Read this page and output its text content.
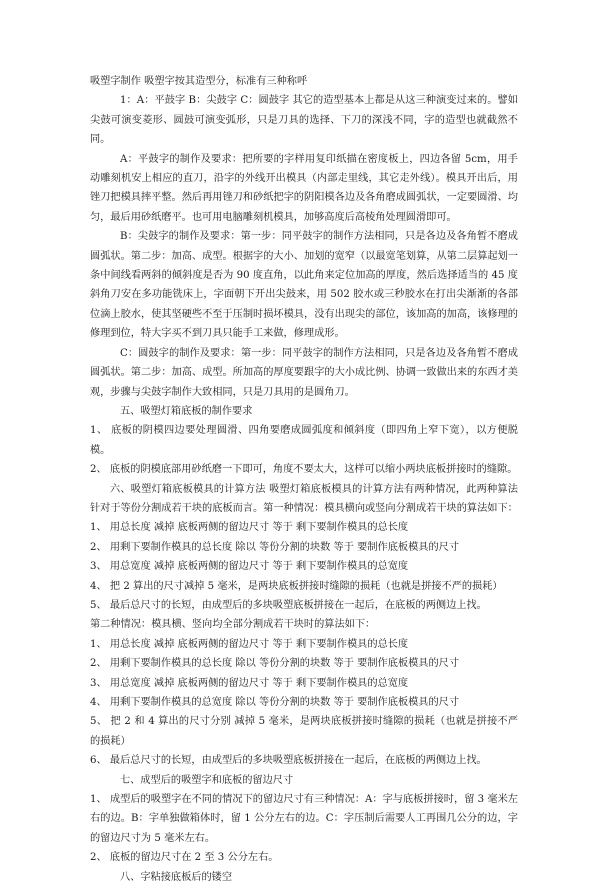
吸塑字制作 吸塑字按其造型分，标准有三种称呼

1：A：平鼓字 B：尖鼓字 C：圆鼓字 其它的造型基本上都是从这三种演变过来的。譬如尖鼓可演变菱形、圆鼓可演变弧形，只是刀具的选择、下刀的深浅不同，字的造型也就截然不同。

A：平鼓字的制作及要求：把所要的字样用复印纸描在密度板上，四边各留 5cm，用手动雕刻机安上相应的直刀，沿字的外线开出模具（内部走里线，其它走外线）。模具开出后，用锉刀把模具摔平整。然后再用锉刀和砂纸把字的阴阳模各边及各角磨成圆弧状，一定要圆滑、均匀，最后用砂纸磨平。也可用电脑雕刻机模具，加够高度后高棱角处理圆滑即可。

B：尖鼓字的制作及要求：第一步：同平鼓字的制作方法相同，只是各边及各角暂不磨成圆弧状。第二步：加高、成型。根据字的大小、加划的宽窄（以最宽笔划算，从第二层算起划一条中间线看两斜的倾斜度是否为 90 度直角，以此角来定位加高的厚度，然后选择适当的 45 度斜角刀安在多功能铣床上，字面朝下开出尖鼓来，用 502 胶水或三秒胶水在打出尖渐渐的各部位滴上胶水，使其坚硬些不至于压制时损坏模具，没有出现尖的部位，该加高的加高，该修理的修理到位，特大字买不到刀具只能手工来做，修理成形。

C：圆鼓字的制作及要求：第一步：同平鼓字的制作方法相同，只是各边及各角暂不磨成圆弧状。第二步：加高、成型。所加高的厚度要跟字的大小成比例、协调一致做出来的东西才美观，步骤与尖鼓字制作大致相同，只是刀具用的是圆角刀。

五、吸塑灯箱底板的制作要求

1、 底板的阴模四边要处理圆滑、四角要磨成圆弧度和倾斜度（即四角上窄下宽），以方便脱模。

2、 底板的阴模底部用砂纸磨一下即可，角度不要太大，这样可以缩小两块底板拼接时的缝隙。

六、吸塑灯箱底板模具的计算方法 吸塑灯箱底板模具的计算方法有两种情况，此两种算法针对于等份分割成若干块的底板而言。第一种情况：模具横向或竖向分割成若干块的算法如下：

1、 用总长度 减掉 底板两侧的留边尺寸 等于 剩下要制作模具的总长度

2、 用剩下要制作模具的总长度 除以 等份分割的块数 等于 要制作底板模具的尺寸

3、 用总宽度 减掉 底板两侧的留边尺寸 等于 剩下要制作模具的总宽度

4、 把 2 算出的尺寸减掉 5 毫米，是两块底板拼接时缝隙的损耗（也就是拼接不严的损耗）

5、 最后总尺寸的长短，由成型后的多块吸塑底板拼接在一起后，在底板的两侧边上找。

第二种情况：模具横、竖向均全部分割成若干块时的算法如下：

1、 用总长度 减掉 底板两侧的留边尺寸 等于 剩下要制作模具的总长度

2、 用剩下要制作模具的总长度 除以 等份分割的块数 等于 要制作底板模具的尺寸

3、 用总宽度 减掉 底板两侧的留边尺寸 等于 剩下要制作模具的总宽度

4、 用剩下要制作模具的总宽度 除以 等份分割的块数 等于 要制作底板模具的尺寸

5、 把 2 和 4 算出的尺寸分别 减掉 5 毫米，是两块底板拼接时缝隙的损耗（也就是拼接不严的损耗）

6、 最后总尺寸的长短，由成型后的多块吸塑底板拼接在一起后，在底板的两侧边上找。

七、成型后的吸塑字和底板的留边尺寸

1、 成型后的吸塑字在不同的情况下的留边尺寸有三种情况：A：字与底板拼接时，留 3 毫米左右的边。B：字单独做箱体时，留 1 公分左右的边。C：字压制后需要人工再围几公分的边，字的留边尺寸为 5 毫米左右。

2、 底板的留边尺寸在 2 至 3 公分左右。

八、字粘接底板后的镂空
